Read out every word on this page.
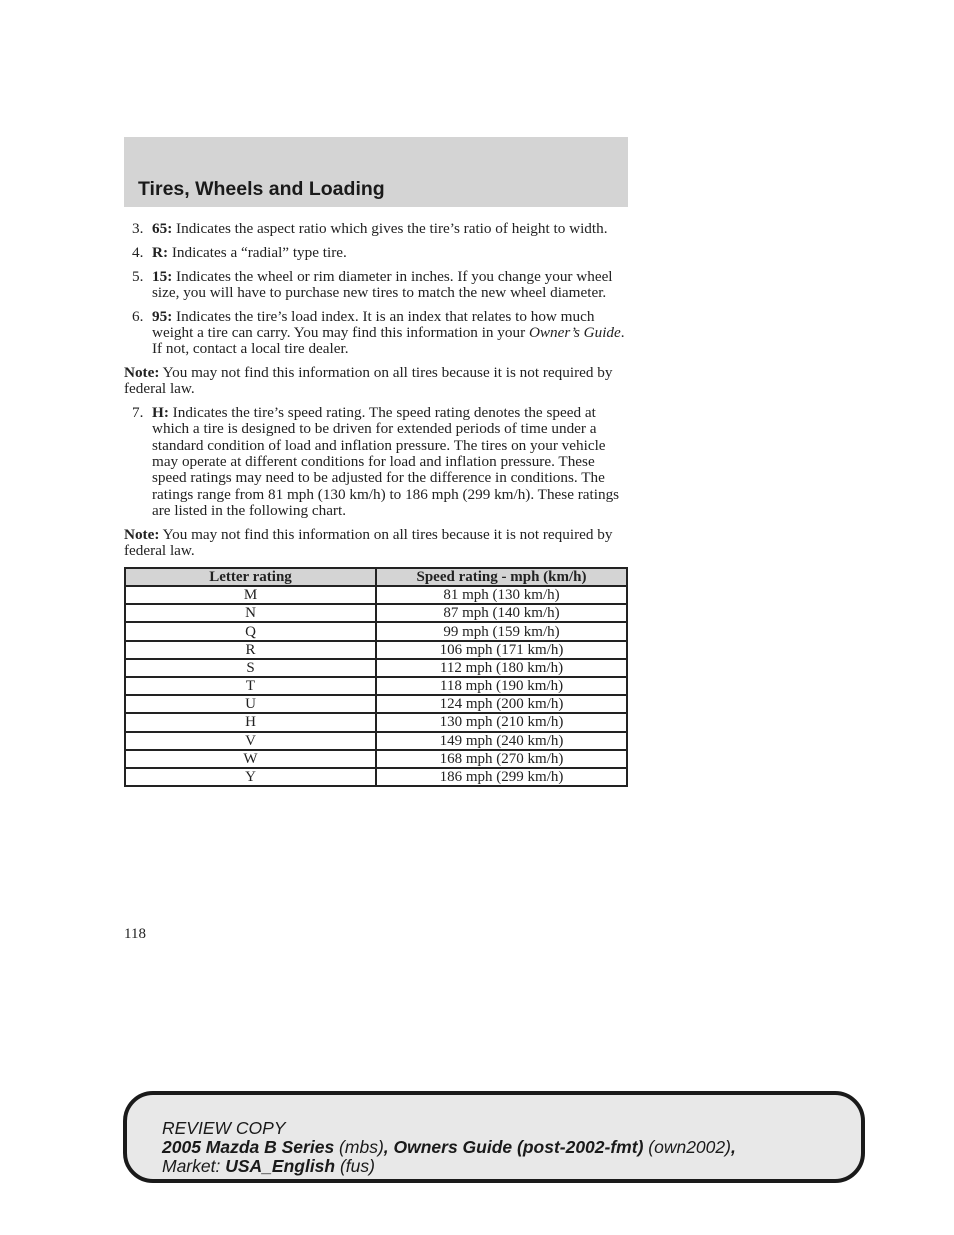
Tires, Wheels and Loading
3. 65: Indicates the aspect ratio which gives the tire’s ratio of height to width.
4. R: Indicates a “radial” type tire.
5. 15: Indicates the wheel or rim diameter in inches. If you change your wheel size, you will have to purchase new tires to match the new wheel diameter.
6. 95: Indicates the tire’s load index. It is an index that relates to how much weight a tire can carry. You may find this information in your Owner’s Guide. If not, contact a local tire dealer.
Note: You may not find this information on all tires because it is not required by federal law.
7. H: Indicates the tire’s speed rating. The speed rating denotes the speed at which a tire is designed to be driven for extended periods of time under a standard condition of load and inflation pressure. The tires on your vehicle may operate at different conditions for load and inflation pressure. These speed ratings may need to be adjusted for the difference in conditions. The ratings range from 81 mph (130 km/h) to 186 mph (299 km/h). These ratings are listed in the following chart.
Note: You may not find this information on all tires because it is not required by federal law.
Letter rating	Speed rating - mph (km/h)
M	81 mph (130 km/h)
N	87 mph (140 km/h)
Q	99 mph (159 km/h)
R	106 mph (171 km/h)
S	112 mph (180 km/h)
T	118 mph (190 km/h)
U	124 mph (200 km/h)
H	130 mph (210 km/h)
V	149 mph (240 km/h)
W	168 mph (270 km/h)
Y	186 mph (299 km/h)
118
REVIEW COPY
2005 Mazda B Series (mbs), Owners Guide (post-2002-fmt) (own2002),
Market: USA_English (fus)
